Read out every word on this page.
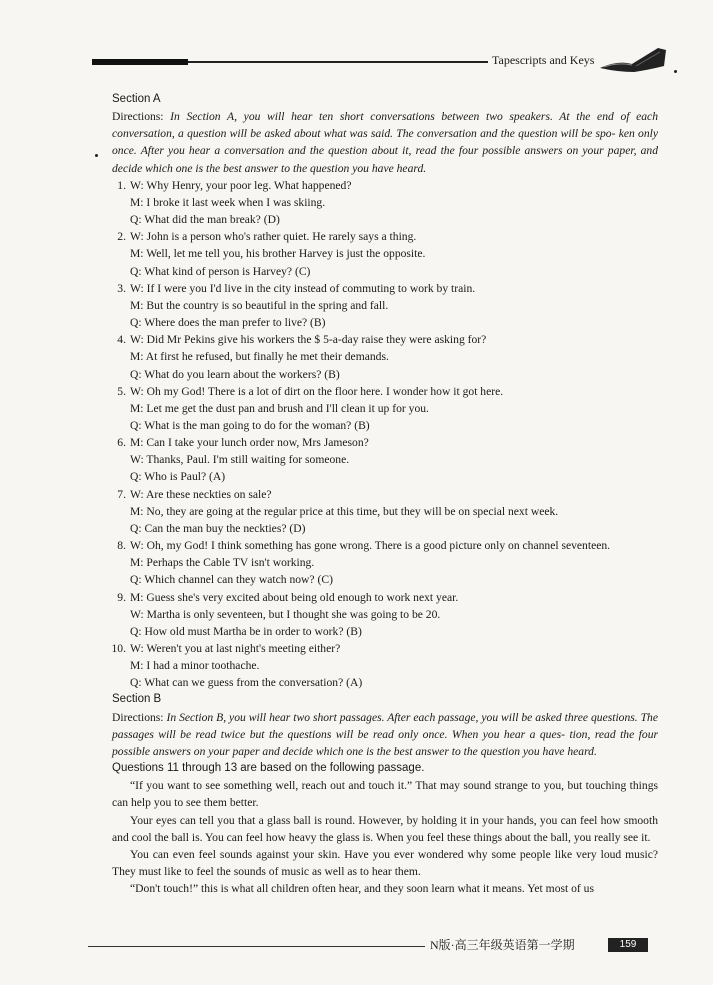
Tapescripts and Keys
Section A
Directions: In Section A, you will hear ten short conversations between two speakers. At the end of each conversation, a question will be asked about what was said. The conversation and the question will be spo- ken only once. After you hear a conversation and the question about it, read the four possible answers on your paper, and decide which one is the best answer to the question you have heard.
1. W: Why Henry, your poor leg. What happened?
M: I broke it last week when I was skiing.
Q: What did the man break? (D)
2. W: John is a person who's rather quiet. He rarely says a thing.
M: Well, let me tell you, his brother Harvey is just the opposite.
Q: What kind of person is Harvey? (C)
3. W: If I were you I'd live in the city instead of commuting to work by train.
M: But the country is so beautiful in the spring and fall.
Q: Where does the man prefer to live? (B)
4. W: Did Mr Pekins give his workers the $ 5-a-day raise they were asking for?
M: At first he refused, but finally he met their demands.
Q: What do you learn about the workers? (B)
5. W: Oh my God! There is a lot of dirt on the floor here. I wonder how it got here.
M: Let me get the dust pan and brush and I'll clean it up for you.
Q: What is the man going to do for the woman? (B)
6. M: Can I take your lunch order now, Mrs Jameson?
W: Thanks, Paul. I'm still waiting for someone.
Q: Who is Paul? (A)
7. W: Are these neckties on sale?
M: No, they are going at the regular price at this time, but they will be on special next week.
Q: Can the man buy the neckties? (D)
8. W: Oh, my God! I think something has gone wrong. There is a good picture only on channel seventeen.
M: Perhaps the Cable TV isn't working.
Q: Which channel can they watch now? (C)
9. M: Guess she's very excited about being old enough to work next year.
W: Martha is only seventeen, but I thought she was going to be 20.
Q: How old must Martha be in order to work? (B)
10. W: Weren't you at last night's meeting either?
M: I had a minor toothache.
Q: What can we guess from the conversation? (A)
Section B
Directions: In Section B, you will hear two short passages. After each passage, you will be asked three questions. The passages will be read twice but the questions will be read only once. When you hear a ques- tion, read the four possible answers on your paper and decide which one is the best answer to the question you have heard.
Questions 11 through 13 are based on the following passage.
“If you want to see something well, reach out and touch it.” That may sound strange to you, but touching things can help you to see them better.
Your eyes can tell you that a glass ball is round. However, by holding it in your hands, you can feel how smooth and cool the ball is. You can feel how heavy the glass is. When you feel these things about the ball, you really see it.
You can even feel sounds against your skin. Have you ever wondered why some people like very loud music? They must like to feel the sounds of music as well as to hear them.
“Don't touch!” this is what all children often hear, and they soon learn what it means. Yet most of us
N版·高三年级英语第一学期	159
